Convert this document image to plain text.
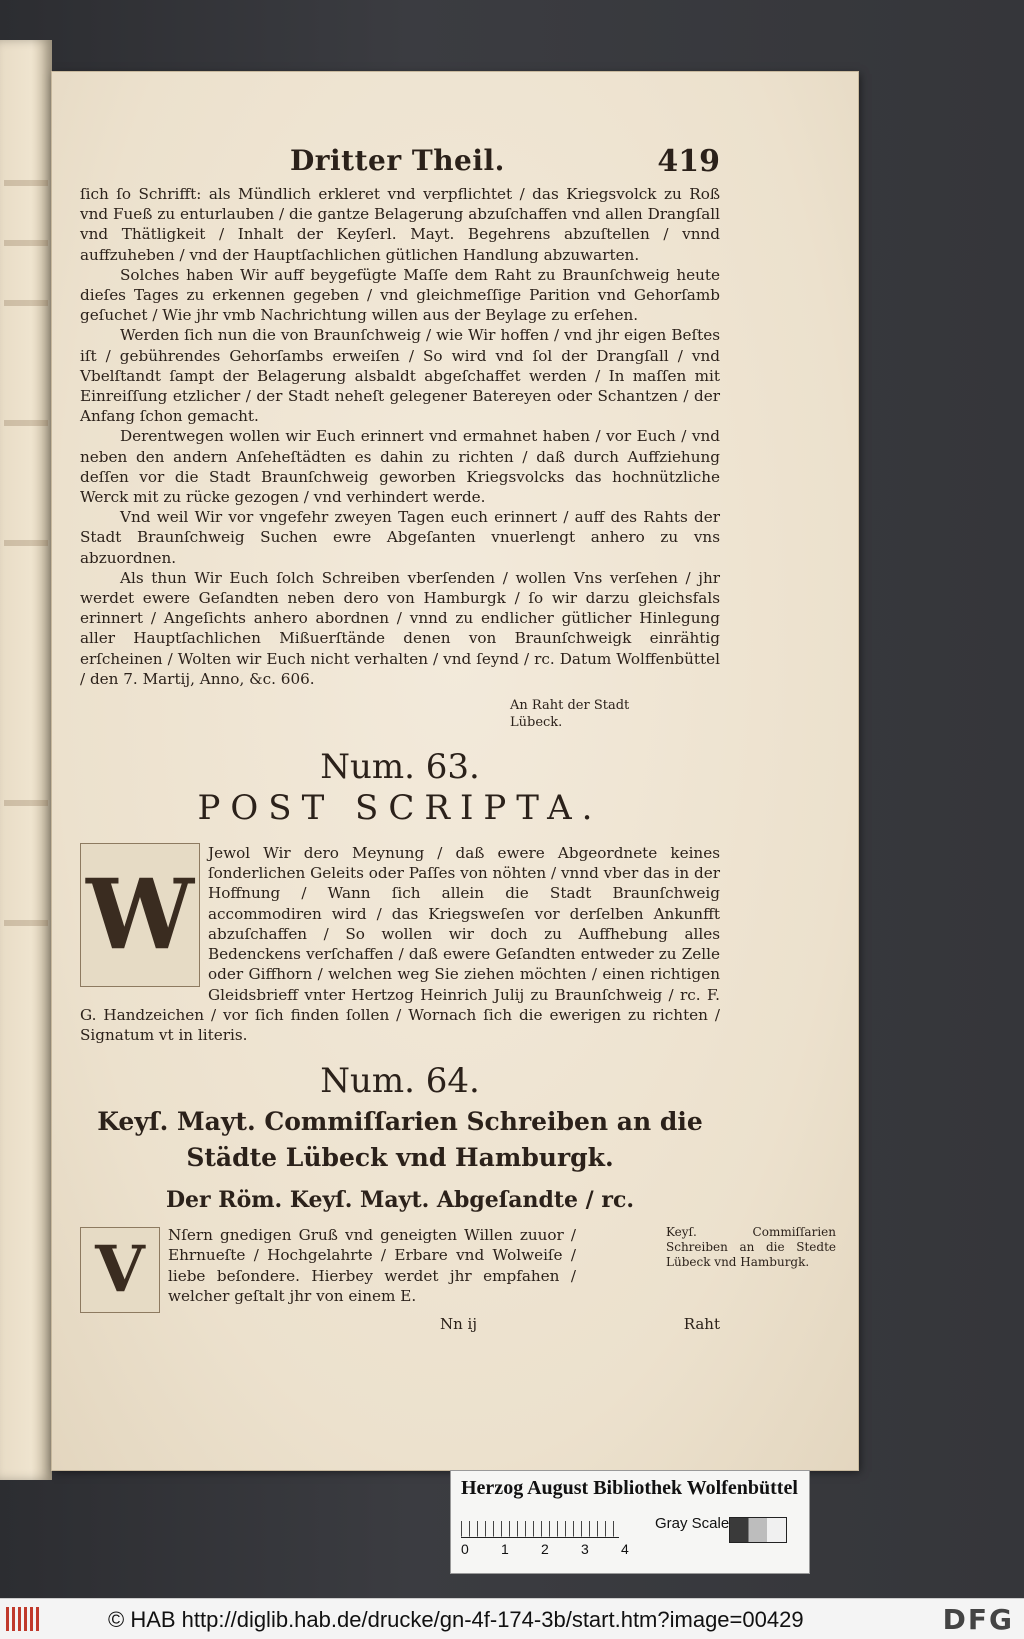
Dritter Theil.	419

ſich ſo Schrifft: als Mündlich erkleret vnd verpflichtet / das Kriegsvolck zu Roß vnd Fueß zu enturlauben / die gantze Belagerung abzuſchaffen vnd allen Drangſall vnd Thätligkeit / Inhalt der Keyſerl. Mayt. Begehrens abzuſtellen / vnnd auffzuheben / vnd der Hauptſachlichen gütlichen Handlung abzuwarten.

Solches haben Wir auff beygefügte Maſſe dem Raht zu Braunſchweig heute dieſes Tages zu erkennen gegeben / vnd gleichmeſſige Parition vnd Gehorſamb geſuchet / Wie jhr vmb Nachrichtung willen aus der Beylage zu erſehen.

Werden ſich nun die von Braunſchweig / wie Wir hoffen / vnd jhr eigen Beſtes iſt / gebührendes Gehorſambs erweiſen / So wird vnd ſol der Drangſall / vnd Vbelſtandt ſampt der Belagerung alsbaldt abgeſchaffet werden / In maſſen mit Einreiſſung etzlicher / der Stadt neheſt gelegener Batereyen oder Schantzen / der Anfang ſchon gemacht.

Derentwegen wollen wir Euch erinnert vnd ermahnet haben / vor Euch / vnd neben den andern Anſeheſtädten es dahin zu richten / daß durch Auffziehung deſſen vor die Stadt Braunſchweig geworben Kriegsvolcks das hochnützliche Werck mit zu rücke gezogen / vnd verhindert werde.

Vnd weil Wir vor vngefehr zweyen Tagen euch erinnert / auff des Rahts der Stadt Braunſchweig Suchen ewre Abgeſanten vnuerlengt anhero zu vns abzuordnen.

Als thun Wir Euch ſolch Schreiben vberſenden / wollen Vns verſehen / jhr werdet ewere Geſandten neben dero von Hamburgk / ſo wir darzu gleichsfals erinnert / Angeſichts anhero abordnen / vnnd zu endlicher gütlicher Hinlegung aller Hauptſachlichen Mißuerſtände denen von Braunſchweigk einrähtig erſcheinen / Wolten wir Euch nicht verhalten / vnd ſeynd / rc. Datum Wolffenbüttel / den 7. Martij, Anno, &c. 606.

An Raht der Stadt
Lübeck.
Num. 63.
POST SCRIPTA.
W

Jewol Wir dero Meynung / daß ewere Abgeordnete keines ſonderlichen Geleits oder Paſſes von nöhten / vnnd vber das in der Hoffnung / Wann ſich allein die Stadt Braunſchweig accommodiren wird / das Kriegsweſen vor derſelben Ankunfft abzuſchaffen / So wollen wir doch zu Auffhebung alles Bedenckens verſchaffen / daß ewere Geſandten entweder zu Zelle oder Giffhorn / welchen weg Sie ziehen möchten / einen richtigen Gleidsbrieff vnter Hertzog Heinrich Julij zu Braunſchweig / rc. F. G. Handzeichen / vor ſich finden ſollen / Wornach ſich die ewerigen zu richten / Signatum vt in literis.

Num. 64.
Keyſ. Mayt. Commiſſarien Schreiben an die
Städte Lübeck vnd Hamburgk.
Der Röm. Keyſ. Mayt. Abgeſandte / rc.
V	Nſern gnedigen Gruß vnd geneigten Willen zuuor / Ehrnueſte / Hochgelahrte / Erbare vnd Wolweiſe / liebe beſondere. Hierbey werdet jhr empfahen / welcher geſtalt jhr von einem E.

Keyſ. Commiſſarien Schreiben an die Stedte Lübeck vnd Hamburgk.
Nn ij	Raht
Herzog August Bibliothek Wolfenbüttel
0 1 2 3 4
Gray Scale
© HAB http://diglib.hab.de/drucke/gn-4f-174-3b/start.htm?image=00429	DFG
